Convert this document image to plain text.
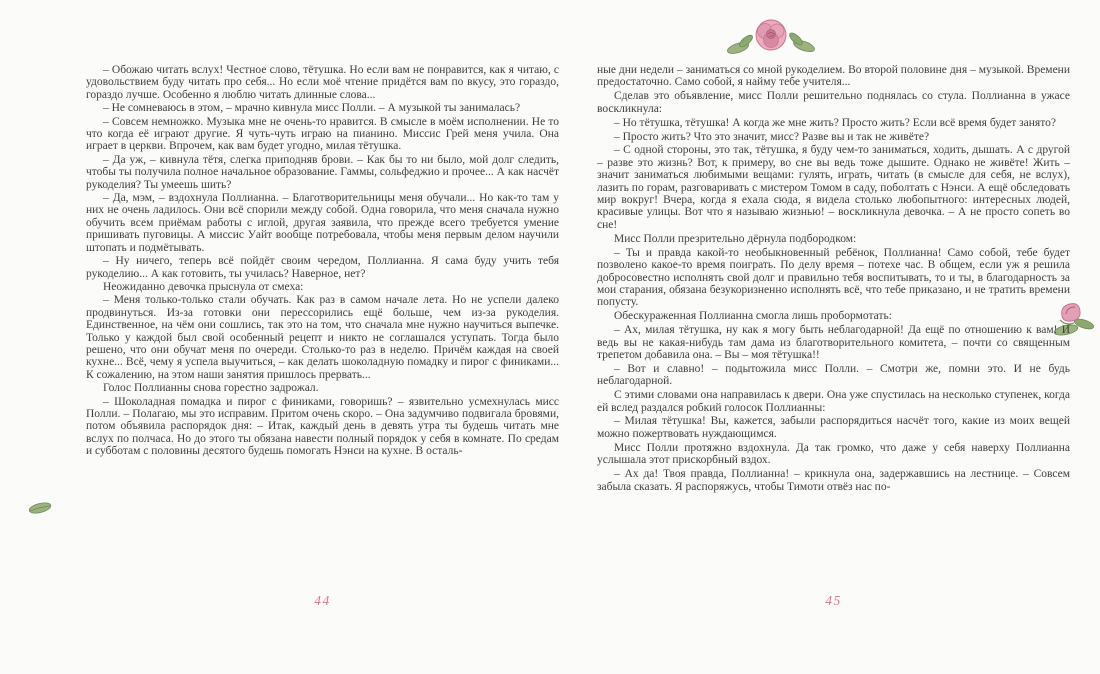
– Обожаю читать вслух! Честное слово, тётушка. Но если вам не понравится, как я читаю, с удовольствием буду читать про себя... Но если моё чтение придётся вам по вкусу, это гораздо, гораздо лучше. Особенно я люблю читать длинные слова...

– Не сомневаюсь в этом, – мрачно кивнула мисс Полли. – А музыкой ты занималась?

– Совсем немножко. Музыка мне не очень-то нравится. В смысле в моём исполнении. Не то что когда её играют другие. Я чуть-чуть играю на пианино. Миссис Грей меня учила. Она играет в церкви. Впрочем, как вам будет угодно, милая тётушка.

– Да уж, – кивнула тётя, слегка приподняв брови. – Как бы то ни было, мой долг следить, чтобы ты получила полное начальное образование. Гаммы, сольфеджио и прочее... А как насчёт рукоделия? Ты умеешь шить?

– Да, мэм, – вздохнула Поллианна. – Благотворительницы меня обучали... Но как-то там у них не очень ладилось. Они всё спорили между собой. Одна говорила, что меня сначала нужно обучить всем приёмам работы с иглой, другая заявила, что прежде всего требуется умение пришивать пуговицы. А миссис Уайт вообще потребовала, чтобы меня первым делом научили штопать и подмётывать.

– Ну ничего, теперь всё пойдёт своим чередом, Поллианна. Я сама буду учить тебя рукоделию... А как готовить, ты училась? Наверное, нет?

Неожиданно девочка прыснула от смеха:

– Меня только-только стали обучать. Как раз в самом начале лета. Но не успели далеко продвинуться. Из-за готовки они перессорились ещё больше, чем из-за рукоделия. Единственное, на чём они сошлись, так это на том, что сначала мне нужно научиться выпечке. Только у каждой был свой особенный рецепт и никто не соглашался уступать. Тогда было решено, что они обучат меня по очереди. Столько-то раз в неделю. Причём каждая на своей кухне... Всё, чему я успела выучиться, – как делать шоколадную помадку и пирог с финиками... К сожалению, на этом наши занятия пришлось прервать...

Голос Поллианны снова горестно задрожал.

– Шоколадная помадка и пирог с финиками, говоришь? – язвительно усмехнулась мисс Полли. – Полагаю, мы это исправим. Притом очень скоро. – Она задумчиво подвигала бровями, потом объявила распорядок дня: – Итак, каждый день в девять утра ты будешь читать мне вслух по полчаса. Но до этого ты обязана навести полный порядок у себя в комнате. По средам и субботам с половины десятого будешь помогать Нэнси на кухне. В осталь-

44

ные дни недели – заниматься со мной рукоделием. Во второй половине дня – музыкой. Времени предостаточно. Само собой, я найму тебе учителя...

Сделав это объявление, мисс Полли решительно поднялась со стула. Поллианна в ужасе воскликнула:

– Но тётушка, тётушка! А когда же мне жить? Просто жить? Если всё время будет занято?

– Просто жить? Что это значит, мисс? Разве вы и так не живёте?

– С одной стороны, это так, тётушка, я буду чем-то заниматься, ходить, дышать. А с другой – разве это жизнь? Вот, к примеру, во сне вы ведь тоже дышите. Однако не живёте! Жить – значит заниматься любимыми вещами: гулять, играть, читать (в смысле для себя, не вслух), лазить по горам, разговаривать с мистером Томом в саду, поболтать с Нэнси. А ещё обследовать мир вокруг! Вчера, когда я ехала сюда, я видела столько любопытного: интересных людей, красивые улицы. Вот что я называю жизнью! – воскликнула девочка. – А не просто сопеть во сне!

Мисс Полли презрительно дёрнула подбородком:

– Ты и правда какой-то необыкновенный ребёнок, Поллианна! Само собой, тебе будет позволено какое-то время поиграть. По делу время – потехе час. В общем, если уж я решила добросовестно исполнять свой долг и правильно тебя воспитывать, то и ты, в благодарность за мои старания, обязана безукоризненно исполнять всё, что тебе приказано, и не тратить времени попусту.

Обескураженная Поллианна смогла лишь пробормотать:

– Ах, милая тётушка, ну как я могу быть неблагодарной! Да ещё по отношению к вам! И ведь вы не какая-нибудь там дама из благотворительного комитета, – почти со священным трепетом добавила она. – Вы – моя тётушка!!

– Вот и славно! – подытожила мисс Полли. – Смотри же, помни это. И не будь неблагодарной.

С этими словами она направилась к двери. Она уже спустилась на несколько ступенек, когда ей вслед раздался робкий голосок Поллианны:

– Милая тётушка! Вы, кажется, забыли распорядиться насчёт того, какие из моих вещей можно пожертвовать нуждающимся.

Мисс Полли протяжно вздохнула. Да так громко, что даже у себя наверху Поллианна услышала этот прискорбный вздох.

– Ах да! Твоя правда, Поллианна! – крикнула она, задержавшись на лестнице. – Совсем забыла сказать. Я распоряжусь, чтобы Тимоти отвёз нас по-

45
